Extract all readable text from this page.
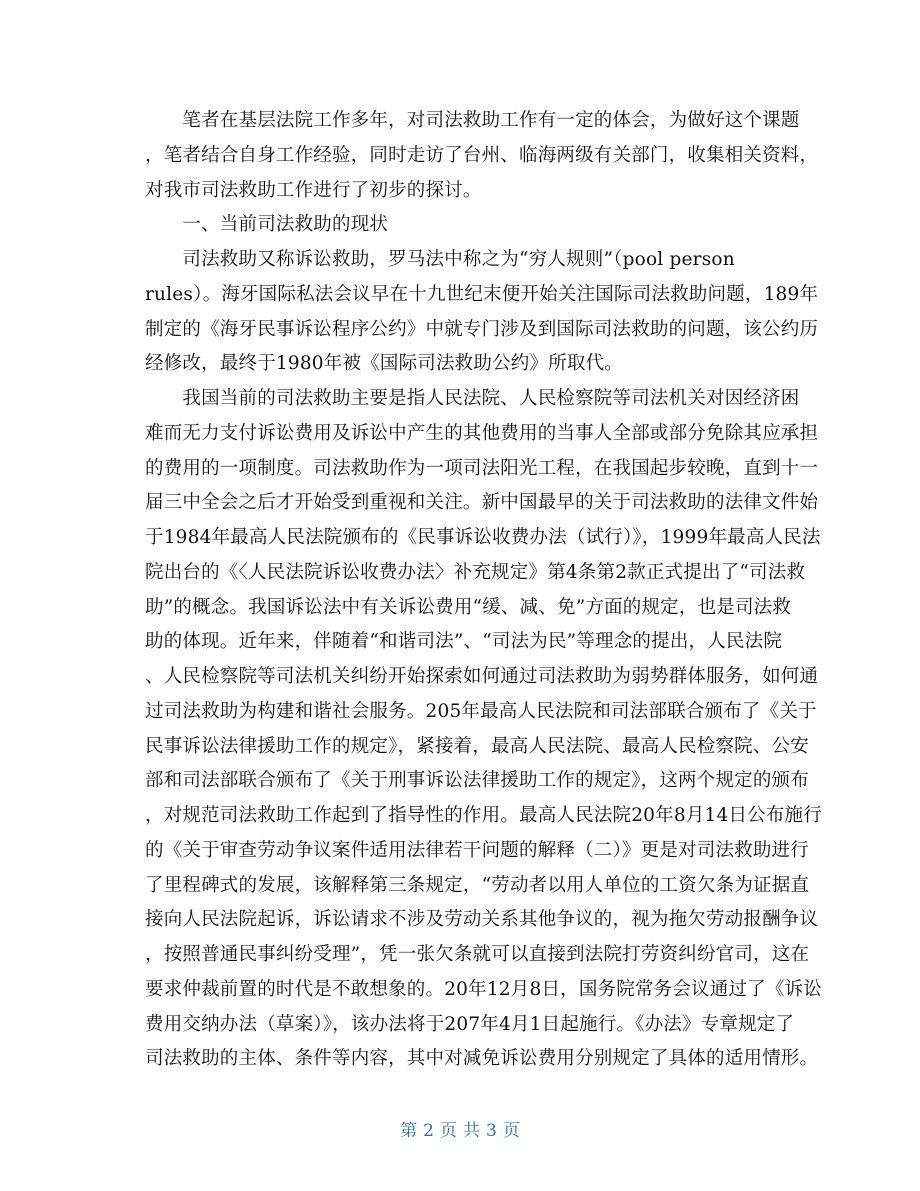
　　笔者在基层法院工作多年，对司法救助工作有一定的体会，为做好这个课题
，笔者结合自身工作经验，同时走访了台州、临海两级有关部门，收集相关资料，
对我市司法救助工作进行了初步的探讨。
　　一、当前司法救助的现状
　　司法救助又称诉讼救助，罗马法中称之为“穷人规则”（pool person
rules）。海牙国际私法会议早在十九世纪末便开始关注国际司法救助问题，189年
制定的《海牙民事诉讼程序公约》中就专门涉及到国际司法救助的问题，该公约历
经修改，最终于1980年被《国际司法救助公约》所取代。
　　我国当前的司法救助主要是指人民法院、人民检察院等司法机关对因经济困
难而无力支付诉讼费用及诉讼中产生的其他费用的当事人全部或部分免除其应承担
的费用的一项制度。司法救助作为一项司法阳光工程，在我国起步较晚，直到十一
届三中全会之后才开始受到重视和关注。新中国最早的关于司法救助的法律文件始
于1984年最高人民法院颁布的《民事诉讼收费办法（试行）》，1999年最高人民法
院出台的《〈人民法院诉讼收费办法〉补充规定》第4条第2款正式提出了“司法救
助”的概念。我国诉讼法中有关诉讼费用“缓、减、免”方面的规定，也是司法救
助的体现。近年来，伴随着“和谐司法”、“司法为民”等理念的提出，人民法院
、人民检察院等司法机关纠纷开始探索如何通过司法救助为弱势群体服务，如何通
过司法救助为构建和谐社会服务。205年最高人民法院和司法部联合颁布了《关于
民事诉讼法律援助工作的规定》，紧接着，最高人民法院、最高人民检察院、公安
部和司法部联合颁布了《关于刑事诉讼法律援助工作的规定》，这两个规定的颁布
，对规范司法救助工作起到了指导性的作用。最高人民法院20年8月14日公布施行
的《关于审查劳动争议案件适用法律若干问题的解释（二）》更是对司法救助进行
了里程碑式的发展，该解释第三条规定，“劳动者以用人单位的工资欠条为证据直
接向人民法院起诉，诉讼请求不涉及劳动关系其他争议的，视为拖欠劳动报酬争议
，按照普通民事纠纷受理”，凭一张欠条就可以直接到法院打劳资纠纷官司，这在
要求仲裁前置的时代是不敢想象的。20年12月8日，国务院常务会议通过了《诉讼
费用交纳办法（草案）》，该办法将于207年4月1日起施行。《办法》专章规定了
司法救助的主体、条件等内容，其中对减免诉讼费用分别规定了具体的适用情形。
第 2 页 共 3 页
